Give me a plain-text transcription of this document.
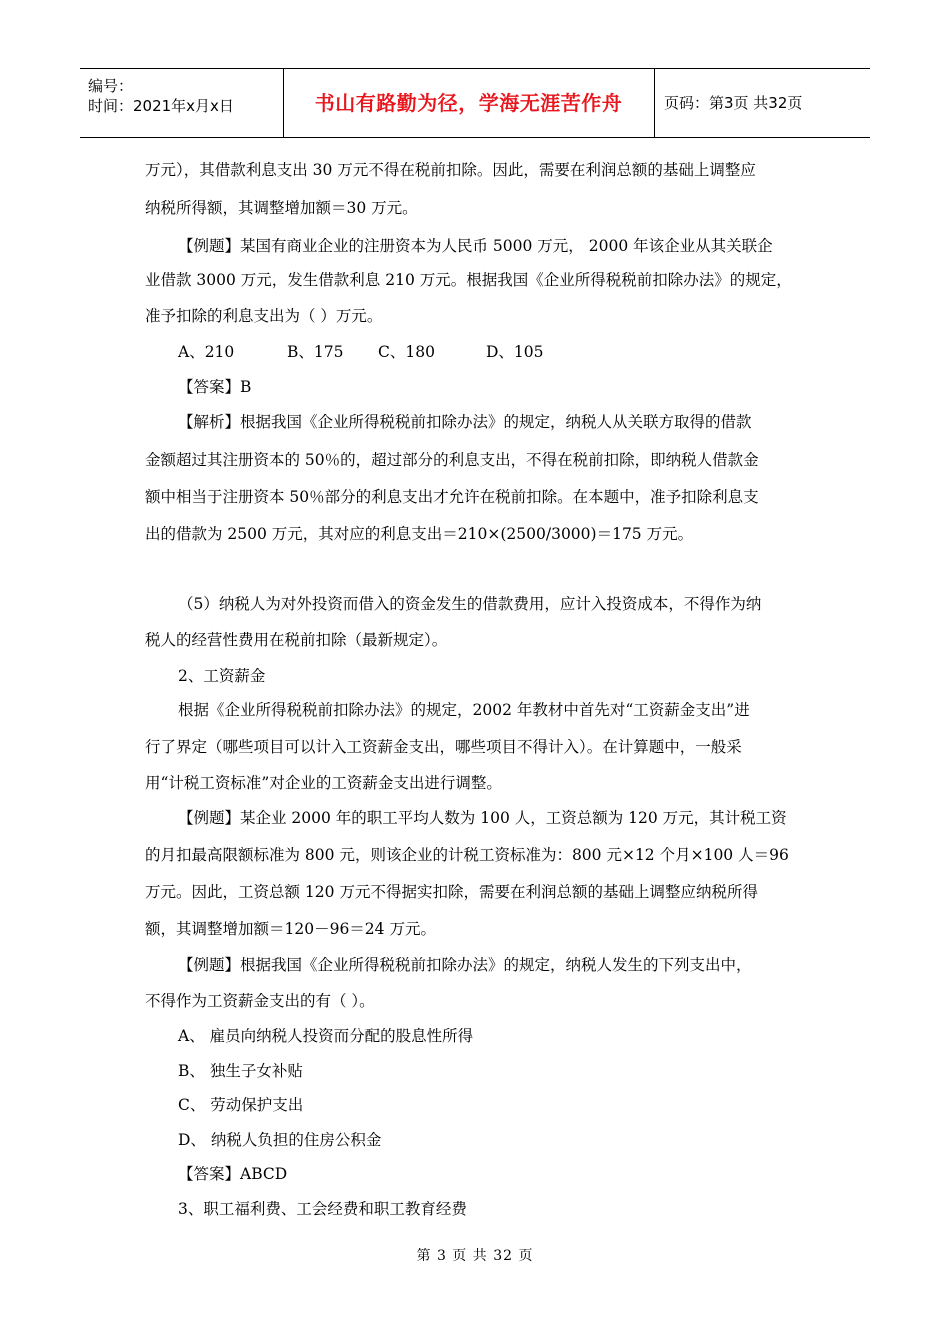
编号：
时间：2021年x月x日	书山有路勤为径，学海无涯苦作舟	页码：第3页 共32页
万元），其借款利息支出 30 万元不得在税前扣除。因此，需要在利润总额的基础上调整应
纳税所得额，其调整增加额＝30 万元。
【例题】某国有商业企业的注册资本为人民币 5000 万元， 2000 年该企业从其关联企
业借款 3000 万元，发生借款利息 210 万元。根据我国《企业所得税税前扣除办法》的规定，
准予扣除的利息支出为（ ）万元。
A、210	B、175 C、180	D、105
【答案】B
【解析】根据我国《企业所得税税前扣除办法》的规定，纳税人从关联方取得的借款
金额超过其注册资本的 50％的，超过部分的利息支出，不得在税前扣除，即纳税人借款金
额中相当于注册资本 50％部分的利息支出才允许在税前扣除。在本题中，准予扣除利息支
出的借款为 2500 万元，其对应的利息支出＝210×(2500/3000)＝175 万元。
（5）纳税人为对外投资而借入的资金发生的借款费用，应计入投资成本，不得作为纳
税人的经营性费用在税前扣除（最新规定）。
2、工资薪金
根据《企业所得税税前扣除办法》的规定，2002 年教材中首先对“工资薪金支出”进
行了界定（哪些项目可以计入工资薪金支出，哪些项目不得计入）。在计算题中，一般采
用“计税工资标准”对企业的工资薪金支出进行调整。
【例题】某企业 2000 年的职工平均人数为 100 人，工资总额为 120 万元，其计税工资
的月扣最高限额标准为 800 元，则该企业的计税工资标准为：800 元×12 个月×100 人＝96
万元。因此，工资总额 120 万元不得据实扣除，需要在利润总额的基础上调整应纳税所得
额，其调整增加额＝120－96＝24 万元。
【例题】根据我国《企业所得税税前扣除办法》的规定，纳税人发生的下列支出中，
不得作为工资薪金支出的有（ ）。
A、 雇员向纳税人投资而分配的股息性所得
B、 独生子女补贴
C、 劳动保护支出
D、 纳税人负担的住房公积金
【答案】ABCD
3、职工福利费、工会经费和职工教育经费
第 3 页 共 32 页
